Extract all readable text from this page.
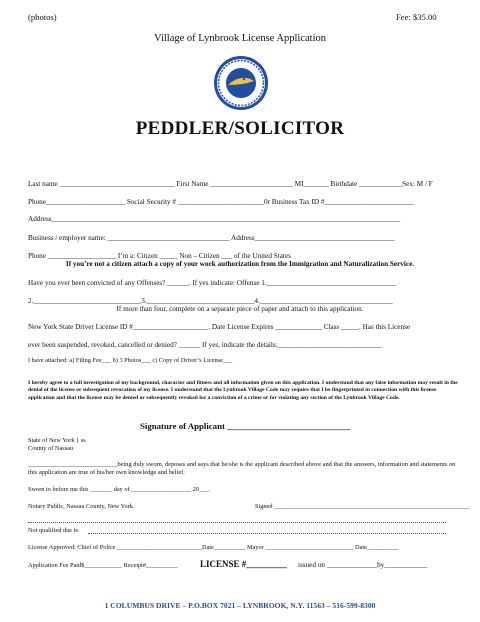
(photos)	Fee: $35.00
Village of Lynbrook License Application
PEDDLER/SOLICITOR
Last name ________________________________ First Name _______________________ MI_______ Birthdate ____________Sex: M / F
Phone______________________ Social Security # ________________________0r Business Tax ID #_________________________
Address_________________________________________________________________________________________________
Business / employer name: __________________________________ Address_______________________________________
Phone ___________________ I’m a: Citizen _____ Non – Citizen ___ of the United States
If you’re not a citizen attach a copy of your work authorization from the Immigration and Naturalization Service.
Have you ever been convicted of any Offenses? ______. If yes indicate: Offense 1.____________________________________
2.______________________________3.______________________________4._____________________________________
If more than four, complete on a separate piece of paper and attach to this application.
New York State Driver License ID #_____________________. Date License Expires _____________ Class _____. Has this License
ever been suspended, revoked, cancelled or denied? ______ If yes, indicate the details:_____________________________
I have attached: a) Filing Fee___ b) 3 Photos___ c) Copy of Driver’s License___
I hereby agree to a full investigation of my background, character and fitness and all information given on this application. I understand that any false information may result in the denial of the license or subsequent revocation of my license. I understand that the Lynbrook Village Code may require that I be fingerprinted in connection with this license application and that the license may be denied or subsequently revoked for a conviction of a crime or for violating any section of the Lynbrook Village Code.
Signature of Applicant ____________________________
State of New York } ss
County of Nassau
____________________________being duly sworn, deposes and says that he/she is the applicant described above and that the answers, information and statements on this application are true of his/her own knowledge and belief.
Sworn to before me this _______ day of ___________________ 20___.
Notary Public, Nassau County, New York.	Signed ______________________________________________________________
Not qualified due to
License Approved: Chief of Police ___________________________Date__________ Mayor ____________________________ Date__________
Application Fee Paid$____________ Receipt#__________ LICENSE #_________ issued on ______________by____________
1 COLUMBUS DRIVE – P.O.BOX 7021 – LYNBROOK, N.Y. 11563 – 516-599-8300
